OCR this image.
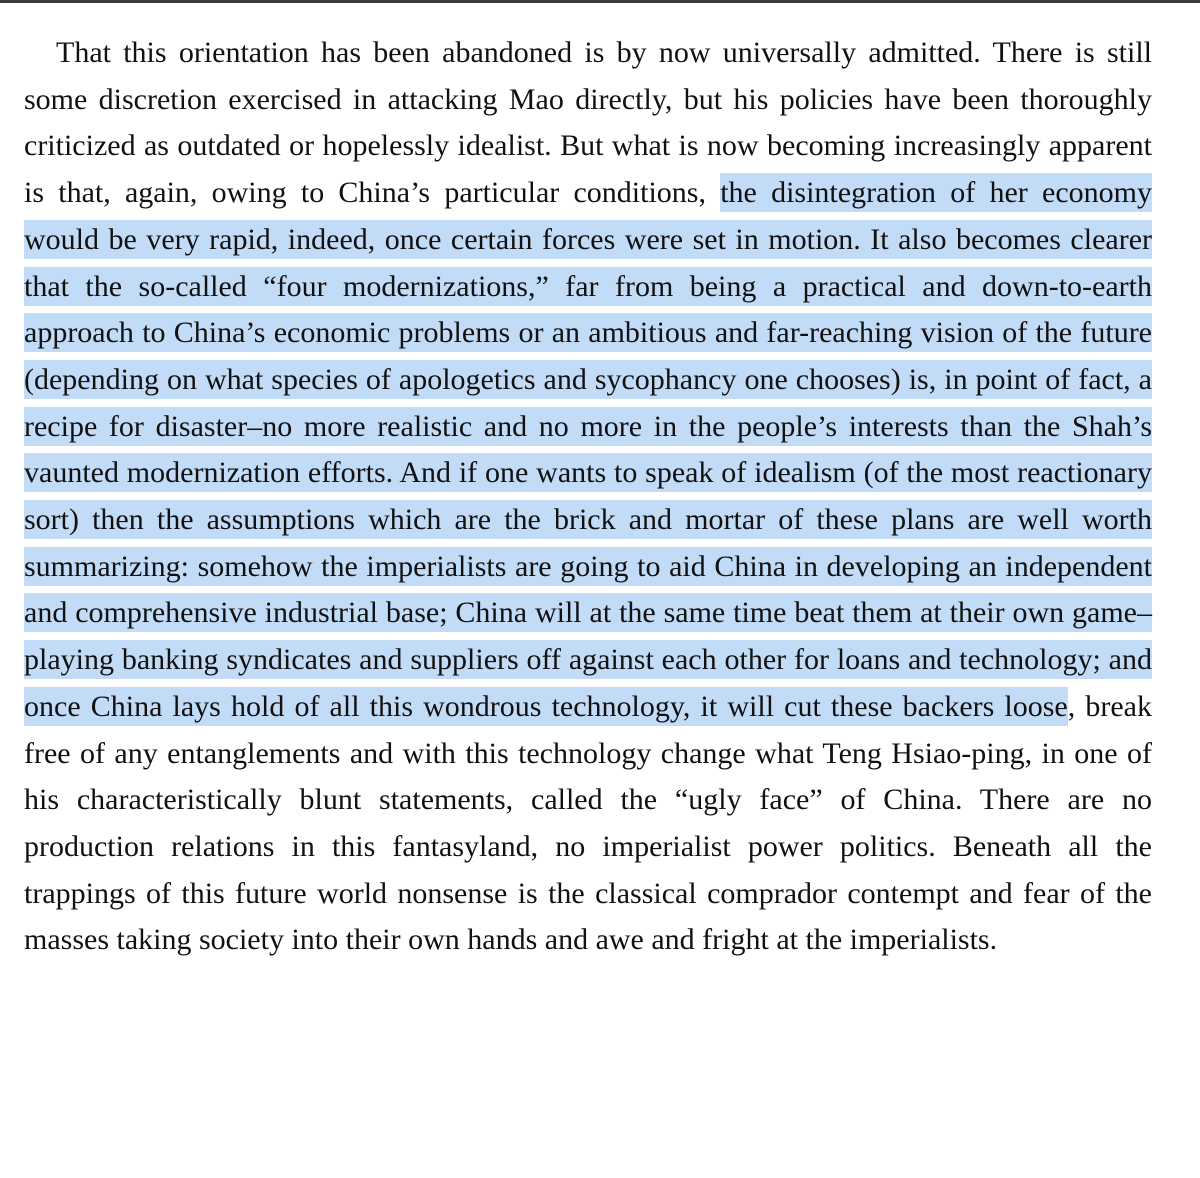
That this orientation has been abandoned is by now universally admitted. There is still some discretion exercised in attacking Mao directly, but his policies have been thoroughly criticized as outdated or hopelessly idealist. But what is now becoming increasingly apparent is that, again, owing to China’s particular conditions, the disintegration of her economy would be very rapid, indeed, once certain forces were set in motion. It also becomes clearer that the so-called “four modernizations,” far from being a practical and down-to-earth approach to China’s economic problems or an ambitious and far-reaching vision of the future (depending on what species of apologetics and sycophancy one chooses) is, in point of fact, a recipe for disaster–no more realistic and no more in the people’s interests than the Shah’s vaunted modernization efforts. And if one wants to speak of idealism (of the most reactionary sort) then the assumptions which are the brick and mortar of these plans are well worth summarizing: somehow the imperialists are going to aid China in developing an independent and comprehensive industrial base; China will at the same time beat them at their own game–playing banking syndicates and suppliers off against each other for loans and technology; and once China lays hold of all this wondrous technology, it will cut these backers loose, break free of any entanglements and with this technology change what Teng Hsiao-ping, in one of his characteristically blunt statements, called the “ugly face” of China. There are no production relations in this fantasyland, no imperialist power politics. Beneath all the trappings of this future world nonsense is the classical comprador contempt and fear of the masses taking society into their own hands and awe and fright at the imperialists.
